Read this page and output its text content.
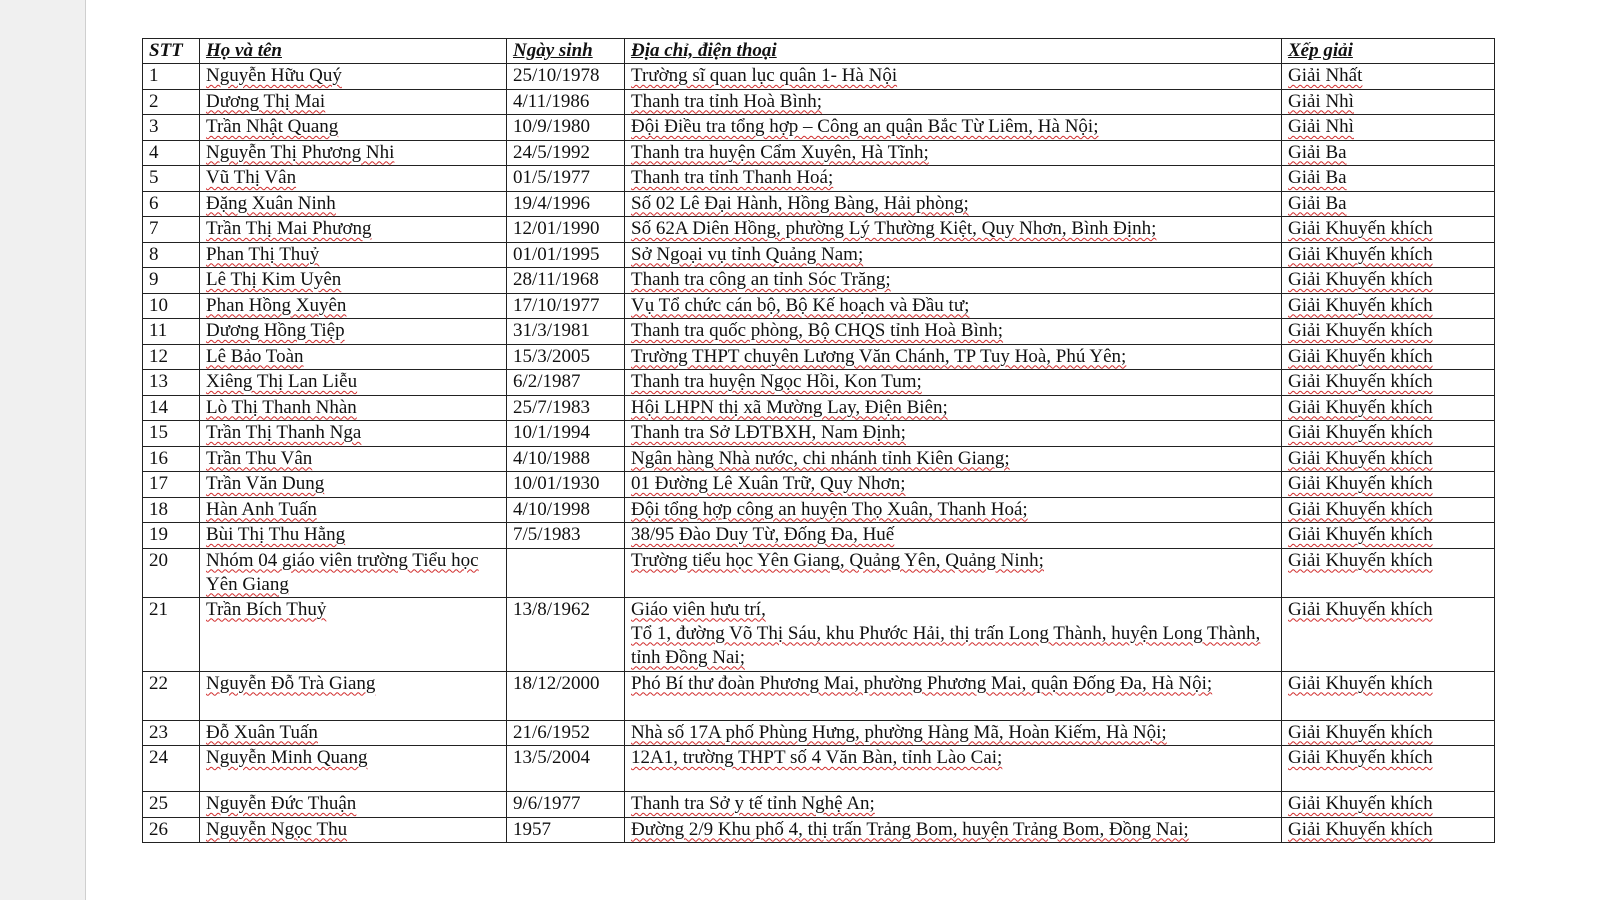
STT	Họ và tên	Ngày sinh	Địa chỉ, điện thoại	Xếp giải
1	Nguyễn Hữu Quý	25/10/1978	Trường sĩ quan lục quân 1- Hà Nội	Giải Nhất
2	Dương Thị Mai	4/11/1986	Thanh tra tỉnh Hoà Bình;	Giải Nhì
3	Trần Nhật Quang	10/9/1980	Đội Điều tra tổng hợp – Công an quận Bắc Từ Liêm, Hà Nội;	Giải Nhì
4	Nguyễn Thị Phương Nhi	24/5/1992	Thanh tra huyện Cẩm Xuyên, Hà Tĩnh;	Giải Ba
5	Vũ Thị Vân	01/5/1977	Thanh tra tỉnh Thanh Hoá;	Giải Ba
6	Đặng Xuân Ninh	19/4/1996	Số 02 Lê Đại Hành, Hồng Bàng, Hải phòng;	Giải Ba
7	Trần Thị Mai Phương	12/01/1990	Số 62A Diên Hồng, phường Lý Thường Kiệt, Quy Nhơn, Bình Định;	Giải Khuyến khích
8	Phan Thị Thuỷ	01/01/1995	Sở Ngoại vụ tỉnh Quảng Nam;	Giải Khuyến khích
9	Lê Thị Kim Uyên	28/11/1968	Thanh tra công an tỉnh Sóc Trăng;	Giải Khuyến khích
10	Phan Hồng Xuyên	17/10/1977	Vụ Tổ chức cán bộ, Bộ Kế hoạch và Đầu tư;	Giải Khuyến khích
11	Dương Hồng Tiệp	31/3/1981	Thanh tra quốc phòng, Bộ CHQS tỉnh Hoà Bình;	Giải Khuyến khích
12	Lê Bảo Toàn	15/3/2005	Trường THPT chuyên Lương Văn Chánh, TP Tuy Hoà, Phú Yên;	Giải Khuyến khích
13	Xiêng Thị Lan Liễu	6/2/1987	Thanh tra huyện Ngọc Hồi, Kon Tum;	Giải Khuyến khích
14	Lò Thị Thanh Nhàn	25/7/1983	Hội LHPN thị xã Mường Lay, Điện Biên;	Giải Khuyến khích
15	Trần Thị Thanh Nga	10/1/1994	Thanh tra Sở LĐTBXH, Nam Định;	Giải Khuyến khích
16	Trần Thu Vân	4/10/1988	Ngân hàng Nhà nước, chi nhánh tỉnh Kiên Giang;	Giải Khuyến khích
17	Trần Văn Dung	10/01/1930	01 Đường Lê Xuân Trữ, Quy Nhơn;	Giải Khuyến khích
18	Hàn Anh Tuấn	4/10/1998	Đội tổng hợp công an huyện Thọ Xuân, Thanh Hoá;	Giải Khuyến khích
19	Bùi Thị Thu Hằng	7/5/1983	38/95 Đào Duy Từ, Đống Đa, Huế	Giải Khuyến khích
20	Nhóm 04 giáo viên trường Tiểu học Yên Giang		Trường tiểu học Yên Giang, Quảng Yên, Quảng Ninh;	Giải Khuyến khích
21	Trần Bích Thuỷ	13/8/1962	Giáo viên hưu trí,
Tổ 1, đường Võ Thị Sáu, khu Phước Hải, thị trấn Long Thành, huyện Long Thành, tỉnh Đồng Nai;	Giải Khuyến khích
22	Nguyễn Đỗ Trà Giang	18/12/2000	Phó Bí thư đoàn Phương Mai, phường Phương Mai, quận Đống Đa, Hà Nội;	Giải Khuyến khích
23	Đỗ Xuân Tuấn	21/6/1952	Nhà số 17A phố Phùng Hưng, phường Hàng Mã, Hoàn Kiếm, Hà Nội;	Giải Khuyến khích
24	Nguyễn Minh Quang	13/5/2004	12A1, trường THPT số 4 Văn Bàn, tỉnh Lào Cai;	Giải Khuyến khích
25	Nguyễn Đức Thuận	9/6/1977	Thanh tra Sở y tế tỉnh Nghệ An;	Giải Khuyến khích
26	Nguyễn Ngọc Thu	1957	Đường 2/9 Khu phố 4, thị trấn Trảng Bom, huyện Trảng Bom, Đồng Nai;	Giải Khuyến khích
